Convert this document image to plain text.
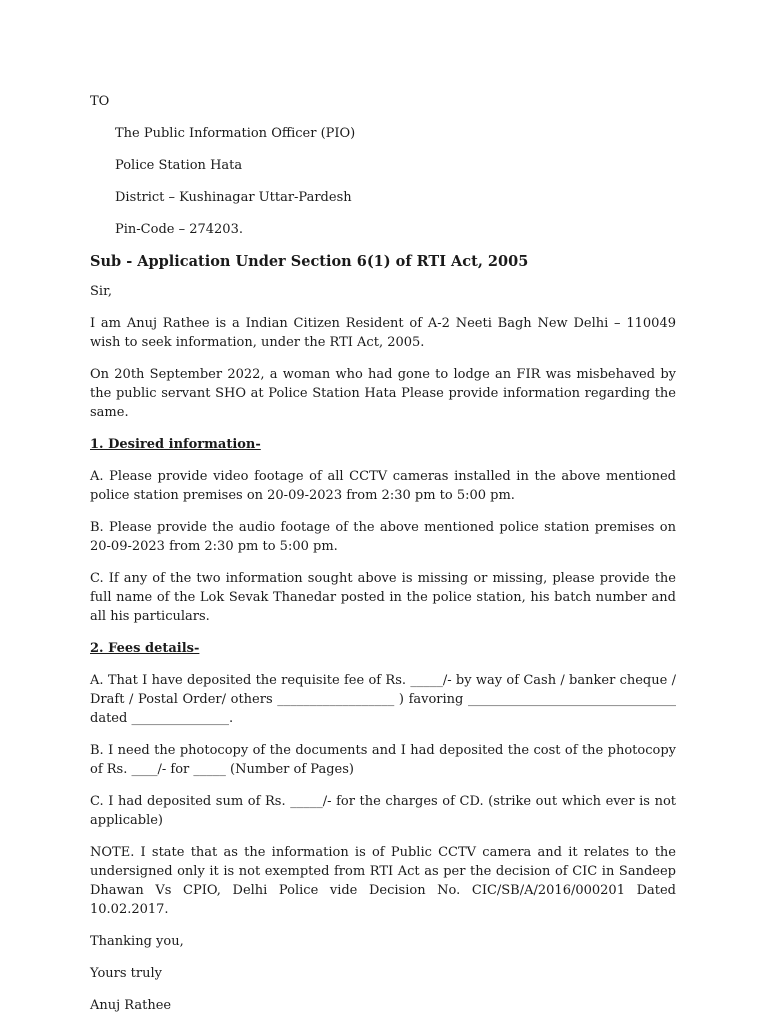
TO
The Public Information Officer (PIO)
Police Station Hata
District – Kushinagar Uttar-Pardesh
Pin-Code – 274203.
Sub - Application Under Section 6(1) of RTI Act, 2005
Sir,
I am Anuj Rathee is a Indian Citizen Resident of A-2 Neeti Bagh New Delhi – 110049 wish to seek information, under the RTI Act, 2005.
On 20th September 2022, a woman who had gone to lodge an FIR was misbehaved by the public servant SHO at Police Station Hata Please provide information regarding the same.
1. Desired information-
A. Please provide video footage of all CCTV cameras installed in the above mentioned police station premises on 20-09-2023 from 2:30 pm to 5:00 pm.
B. Please provide the audio footage of the above mentioned police station premises on 20-09-2023 from 2:30 pm to 5:00 pm.
C. If any of the two information sought above is missing or missing, please provide the full name of the Lok Sevak Thanedar posted in the police station, his batch number and all his particulars.
2. Fees details-
A. That I have deposited the requisite fee of Rs. _____/- by way of Cash / banker cheque / Draft / Postal Order/ others __________________ ) favoring ________________________________ dated _______________.
B. I need the photocopy of the documents and I had deposited the cost of the photocopy of Rs. ____/- for _____ (Number of Pages)
C. I had deposited sum of Rs. _____/- for the charges of CD. (strike out which ever is not applicable)
NOTE. I state that as the information is of Public CCTV camera and it relates to the undersigned only it is not exempted from RTI Act as per the decision of CIC in Sandeep Dhawan Vs CPIO, Delhi Police vide Decision No. CIC/SB/A/2016/000201 Dated 10.02.2017.
Thanking you,
Yours truly
Anuj Rathee
